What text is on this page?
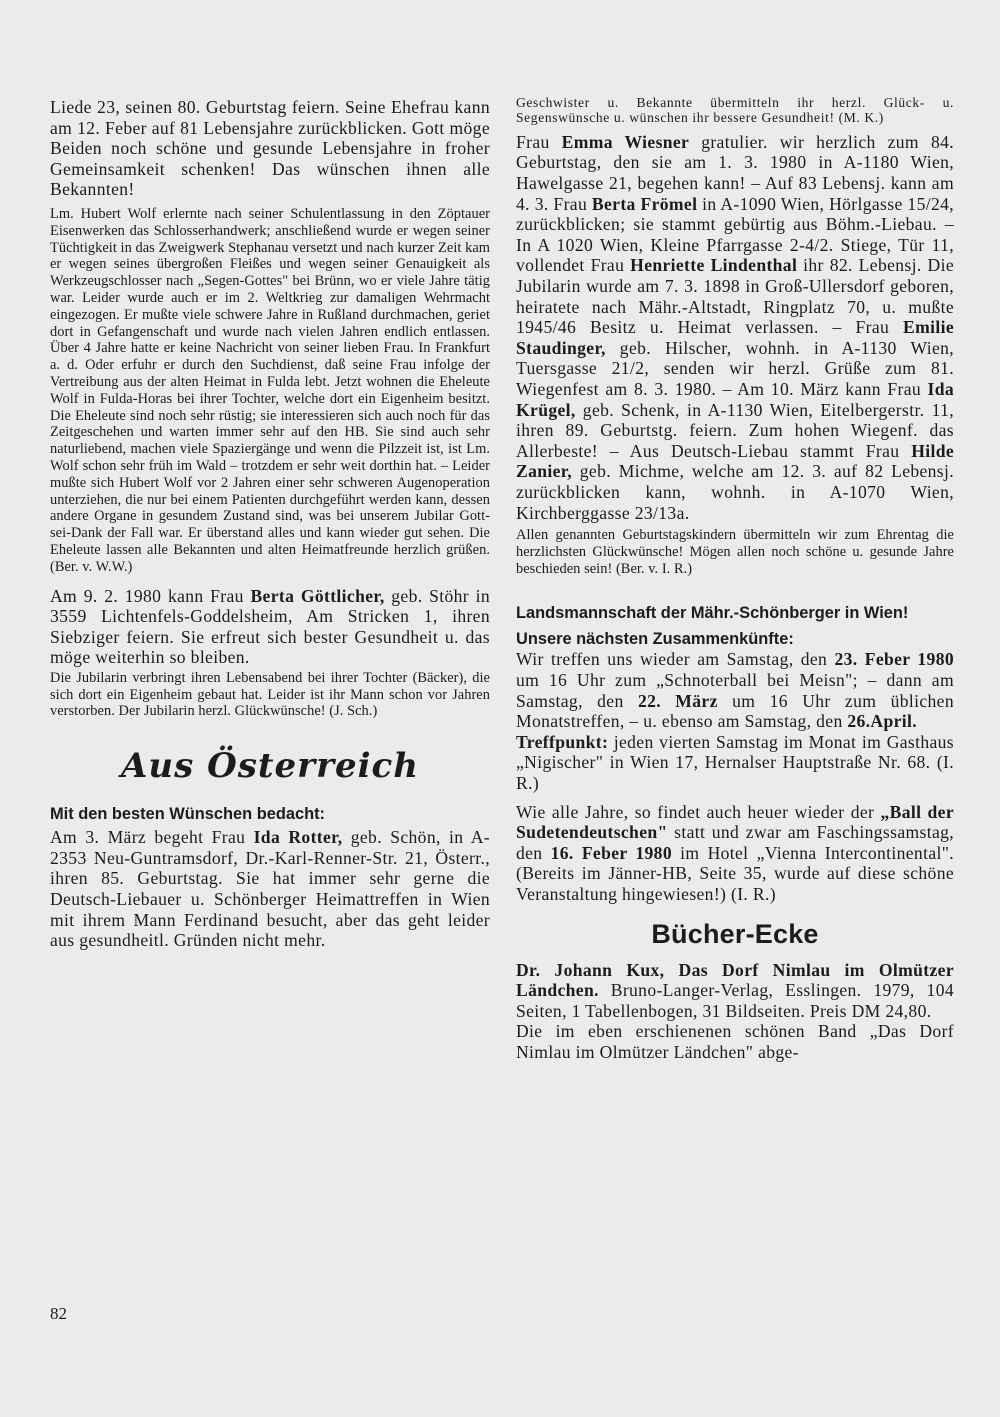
Liede 23, seinen 80. Geburtstag feiern. Seine Ehefrau kann am 12. Feber auf 81 Lebensjahre zurückblicken. Gott möge Beiden noch schöne und gesunde Lebensjahre in froher Gemeinsamkeit schenken! Das wünschen ihnen alle Bekannten!

Lm. Hubert Wolf erlernte nach seiner Schulentlassung in den Zöptauer Eisenwerken das Schlosserhandwerk; anschließend wurde er wegen seiner Tüchtigkeit in das Zweigwerk Stephanau versetzt und nach kurzer Zeit kam er wegen seines übergroßen Fleißes und wegen seiner Genauigkeit als Werkzeugschlosser nach „Segen-Gottes" bei Brünn, wo er viele Jahre tätig war. Leider wurde auch er im 2. Weltkrieg zur damaligen Wehrmacht eingezogen. Er mußte viele schwere Jahre in Rußland durchmachen, geriet dort in Gefangenschaft und wurde nach vielen Jahren endlich entlassen. Über 4 Jahre hatte er keine Nachricht von seiner lieben Frau. In Frankfurt a. d. Oder erfuhr er durch den Suchdienst, daß seine Frau infolge der Vertreibung aus der alten Heimat in Fulda lebt. Jetzt wohnen die Eheleute Wolf in Fulda-Horas bei ihrer Tochter, welche dort ein Eigenheim besitzt. Die Eheleute sind noch sehr rüstig; sie interessieren sich auch noch für das Zeitgeschehen und warten immer sehr auf den HB. Sie sind auch sehr naturliebend, machen viele Spaziergänge und wenn die Pilzzeit ist, ist Lm. Wolf schon sehr früh im Wald – trotzdem er sehr weit dorthin hat. – Leider mußte sich Hubert Wolf vor 2 Jahren einer sehr schweren Augenoperation unterziehen, die nur bei einem Patienten durchgeführt werden kann, dessen andere Organe in gesundem Zustand sind, was bei unserem Jubilar Gott-sei-Dank der Fall war. Er überstand alles und kann wieder gut sehen. Die Eheleute lassen alle Bekannten und alten Heimatfreunde herzlich grüßen. (Ber. v. W.W.)

Am 9. 2. 1980 kann Frau Berta Göttlicher, geb. Stöhr in 3559 Lichtenfels-Goddelsheim, Am Stricken 1, ihren Siebziger feiern. Sie erfreut sich bester Gesundheit u. das möge weiterhin so bleiben.

Die Jubilarin verbringt ihren Lebensabend bei ihrer Tochter (Bäcker), die sich dort ein Eigenheim gebaut hat. Leider ist ihr Mann schon vor Jahren verstorben. Der Jubilarin herzl. Glückwünsche! (J. Sch.)

Aus Österreich
Mit den besten Wünschen bedacht:

Am 3. März begeht Frau Ida Rotter, geb. Schön, in A-2353 Neu-Guntramsdorf, Dr.-Karl-Renner-Str. 21, Österr., ihren 85. Geburtstag. Sie hat immer sehr gerne die Deutsch-Liebauer u. Schönberger Heimattreffen in Wien mit ihrem Mann Ferdinand besucht, aber das geht leider aus gesundheitl. Gründen nicht mehr.

Geschwister u. Bekannte übermitteln ihr herzl. Glück- u. Segenswünsche u. wünschen ihr bessere Gesundheit! (M. K.)

Frau Emma Wiesner gratulier. wir herzlich zum 84. Geburtstag, den sie am 1. 3. 1980 in A-1180 Wien, Hawelgasse 21, begehen kann! – Auf 83 Lebensj. kann am 4. 3. Frau Berta Frömel in A-1090 Wien, Hörlgasse 15/24, zurückblicken; sie stammt gebürtig aus Böhm.-Liebau. – In A 1020 Wien, Kleine Pfarrgasse 2-4/2. Stiege, Tür 11, vollendet Frau Henriette Lindenthal ihr 82. Lebensj. Die Jubilarin wurde am 7. 3. 1898 in Groß-Ullersdorf geboren, heiratete nach Mähr.-Altstadt, Ringplatz 70, u. mußte 1945/46 Besitz u. Heimat verlassen. – Frau Emilie Staudinger, geb. Hilscher, wohnh. in A-1130 Wien, Tuersgasse 21/2, senden wir herzl. Grüße zum 81. Wiegenfest am 8. 3. 1980. – Am 10. März kann Frau Ida Krügel, geb. Schenk, in A-1130 Wien, Eitelbergerstr. 11, ihren 89. Geburtstg. feiern. Zum hohen Wiegenf. das Allerbeste! – Aus Deutsch-Liebau stammt Frau Hilde Zanier, geb. Michme, welche am 12. 3. auf 82 Lebensj. zurückblicken kann, wohnh. in A-1070 Wien, Kirchberggasse 23/13a.

Allen genannten Geburtstagskindern übermitteln wir zum Ehrentag die herzlichsten Glückwünsche! Mögen allen noch schöne u. gesunde Jahre beschieden sein! (Ber. v. I. R.)

Landsmannschaft der Mähr.-Schönberger in Wien!
Unsere nächsten Zusammenkünfte:

Wir treffen uns wieder am Samstag, den 23. Feber 1980 um 16 Uhr zum „Schnoterball bei Meisn"; – dann am Samstag, den 22. März um 16 Uhr zum üblichen Monatstreffen, – u. ebenso am Samstag, den 26.April.

Treffpunkt: jeden vierten Samstag im Monat im Gasthaus „Nigischer" in Wien 17, Hernalser Hauptstraße Nr. 68. (I. R.)

Wie alle Jahre, so findet auch heuer wieder der „Ball der Sudetendeutschen" statt und zwar am Faschingssamstag, den 16. Feber 1980 im Hotel „Vienna Intercontinental". (Bereits im Jänner-HB, Seite 35, wurde auf diese schöne Veranstaltung hingewiesen!) (I. R.)

Bücher-Ecke

Dr. Johann Kux, Das Dorf Nimlau im Olmützer Ländchen. Bruno-Langer-Verlag, Esslingen. 1979, 104 Seiten, 1 Tabellenbogen, 31 Bildseiten. Preis DM 24,80.

Die im eben erschienenen schönen Band „Das Dorf Nimlau im Olmützer Ländchen" abge-

82
